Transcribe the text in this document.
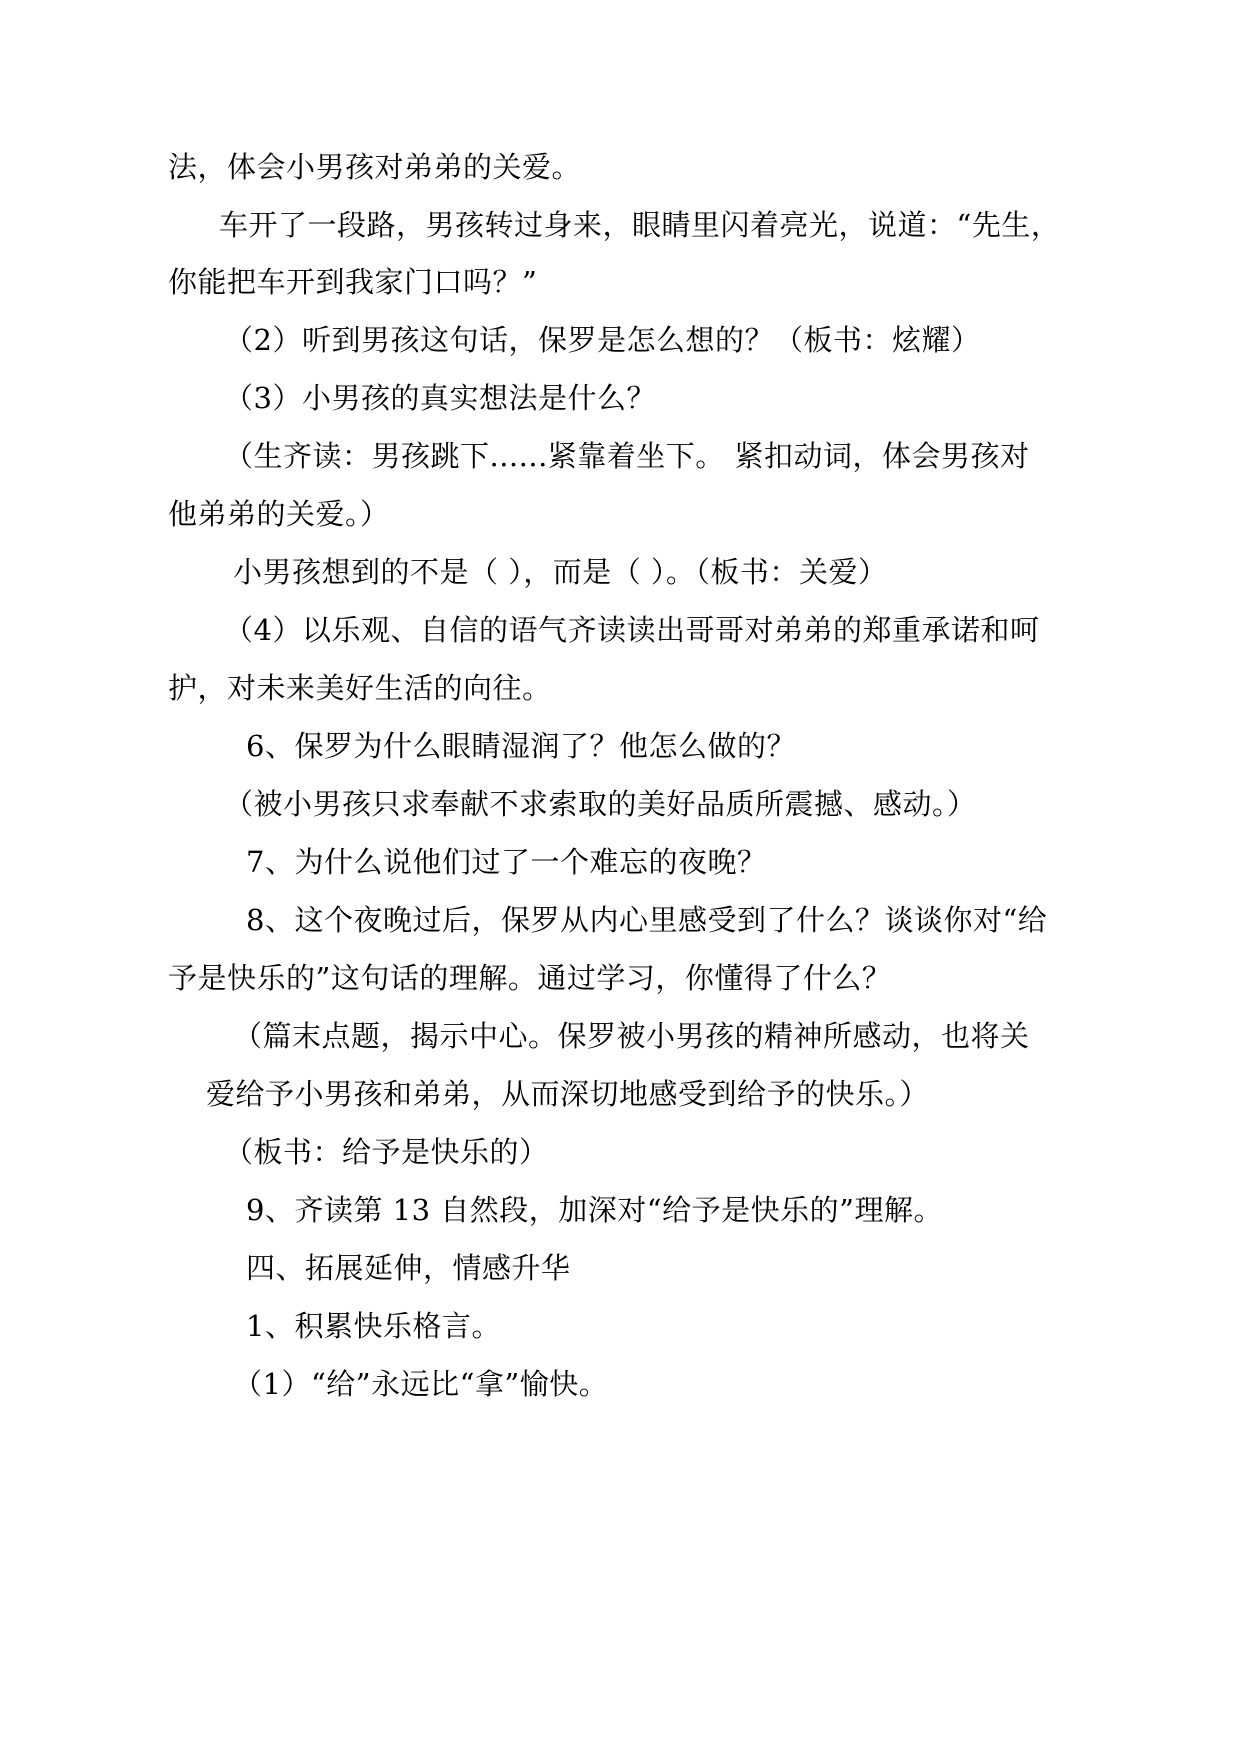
法，体会小男孩对弟弟的关爱。

车开了一段路，男孩转过身来，眼睛里闪着亮光，说道：“先生，

你能把车开到我家门口吗？”

（2）听到男孩这句话，保罗是怎么想的？（板书：炫耀）

（3）小男孩的真实想法是什么？

（生齐读：男孩跳下......紧靠着坐下。 紧扣动词，体会男孩对

他弟弟的关爱。）

小男孩想到的不是（ ），而是（ ）。（板书：关爱）

（4）以乐观、自信的语气齐读读出哥哥对弟弟的郑重承诺和呵

护，对未来美好生活的向往。

6、保罗为什么眼睛湿润了？他怎么做的？

（被小男孩只求奉献不求索取的美好品质所震撼、感动。）

7、为什么说他们过了一个难忘的夜晚？

8、这个夜晚过后，保罗从内心里感受到了什么？谈谈你对“给

予是快乐的”这句话的理解。通过学习，你懂得了什么？

（篇末点题，揭示中心。保罗被小男孩的精神所感动，也将关

爱给予小男孩和弟弟，从而深切地感受到给予的快乐。）

（板书：给予是快乐的）

9、齐读第 13 自然段，加深对“给予是快乐的”理解。

四、拓展延伸，情感升华

1、积累快乐格言。

（1）“给”永远比“拿”愉快。
